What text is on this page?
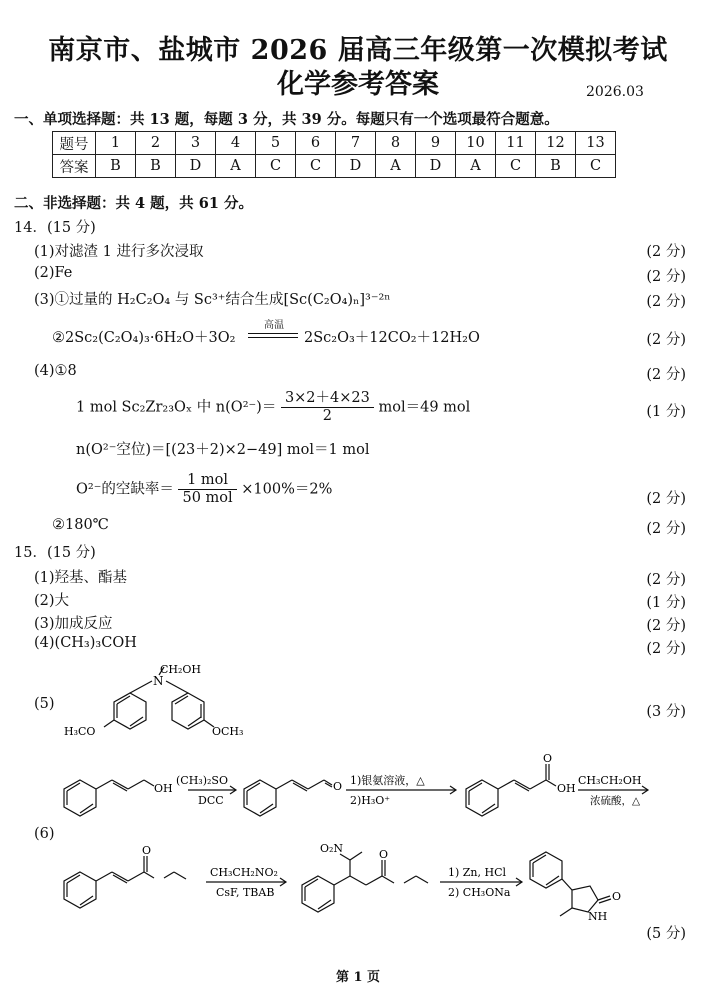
南京市、盐城市 2026 届高三年级第一次模拟考试
化学参考答案	2026.03
一、单项选择题：共 13 题，每题 3 分，共 39 分。每题只有一个选项最符合题意。
题号	1	2	3	4	5	6	7	8	9	10	11	12	13
答案	B	B	D	A	C	C	D	A	D	A	C	B	C
二、非选择题：共 4 题，共 61 分。
14．(15 分)
(1)对滤渣 1 进行多次浸取	(2 分)
(2)Fe	(2 分)
(3)①过量的 H₂C₂O₄ 与 Sc³⁺结合生成[Sc(C₂O₄)ₙ]³⁻²ⁿ	(2 分)
②2Sc₂(C₂O₄)₃·6H₂O＋3O₂
高温
2Sc₂O₃＋12CO₂＋12H₂O	(2 分)
(4)①8	(2 分)
1 mol Sc₂Zr₂₃Oₓ 中 $n(O^{2-})= \frac{3\times 2+4\times 23}{2} mol=49$ mol	(1 分)
n(O²⁻空位)＝[(23＋2)×2−49] mol＝1 mol
O²⁻的空缺率＝ $\frac{\text{1 mol}}{\text{50 mol}} \times 100\%=2\%$
(2 分)
②180℃	(2 分)
15．(15 分)
(1)羟基、酯基	(2 分)
(2)大	(1 分)
(3)加成反应	(2 分)
(4)(CH₃)₃COH	(2 分)
(5)	(3 分)
N
CH₂OH
H₃CO	OCH₃
(6)
OH
(CH₃)₂SO
DCC
O 1)银氨溶液，△
2)H₃O⁺
O
OH
CH₃CH₂OH
浓硫酸，△
O
CH₃CH₂NO₂
CsF, TBAB
O₂N	O
1) Zn, HCl
2) CH₃ONa	O
NH
(5 分)
第 1 页
